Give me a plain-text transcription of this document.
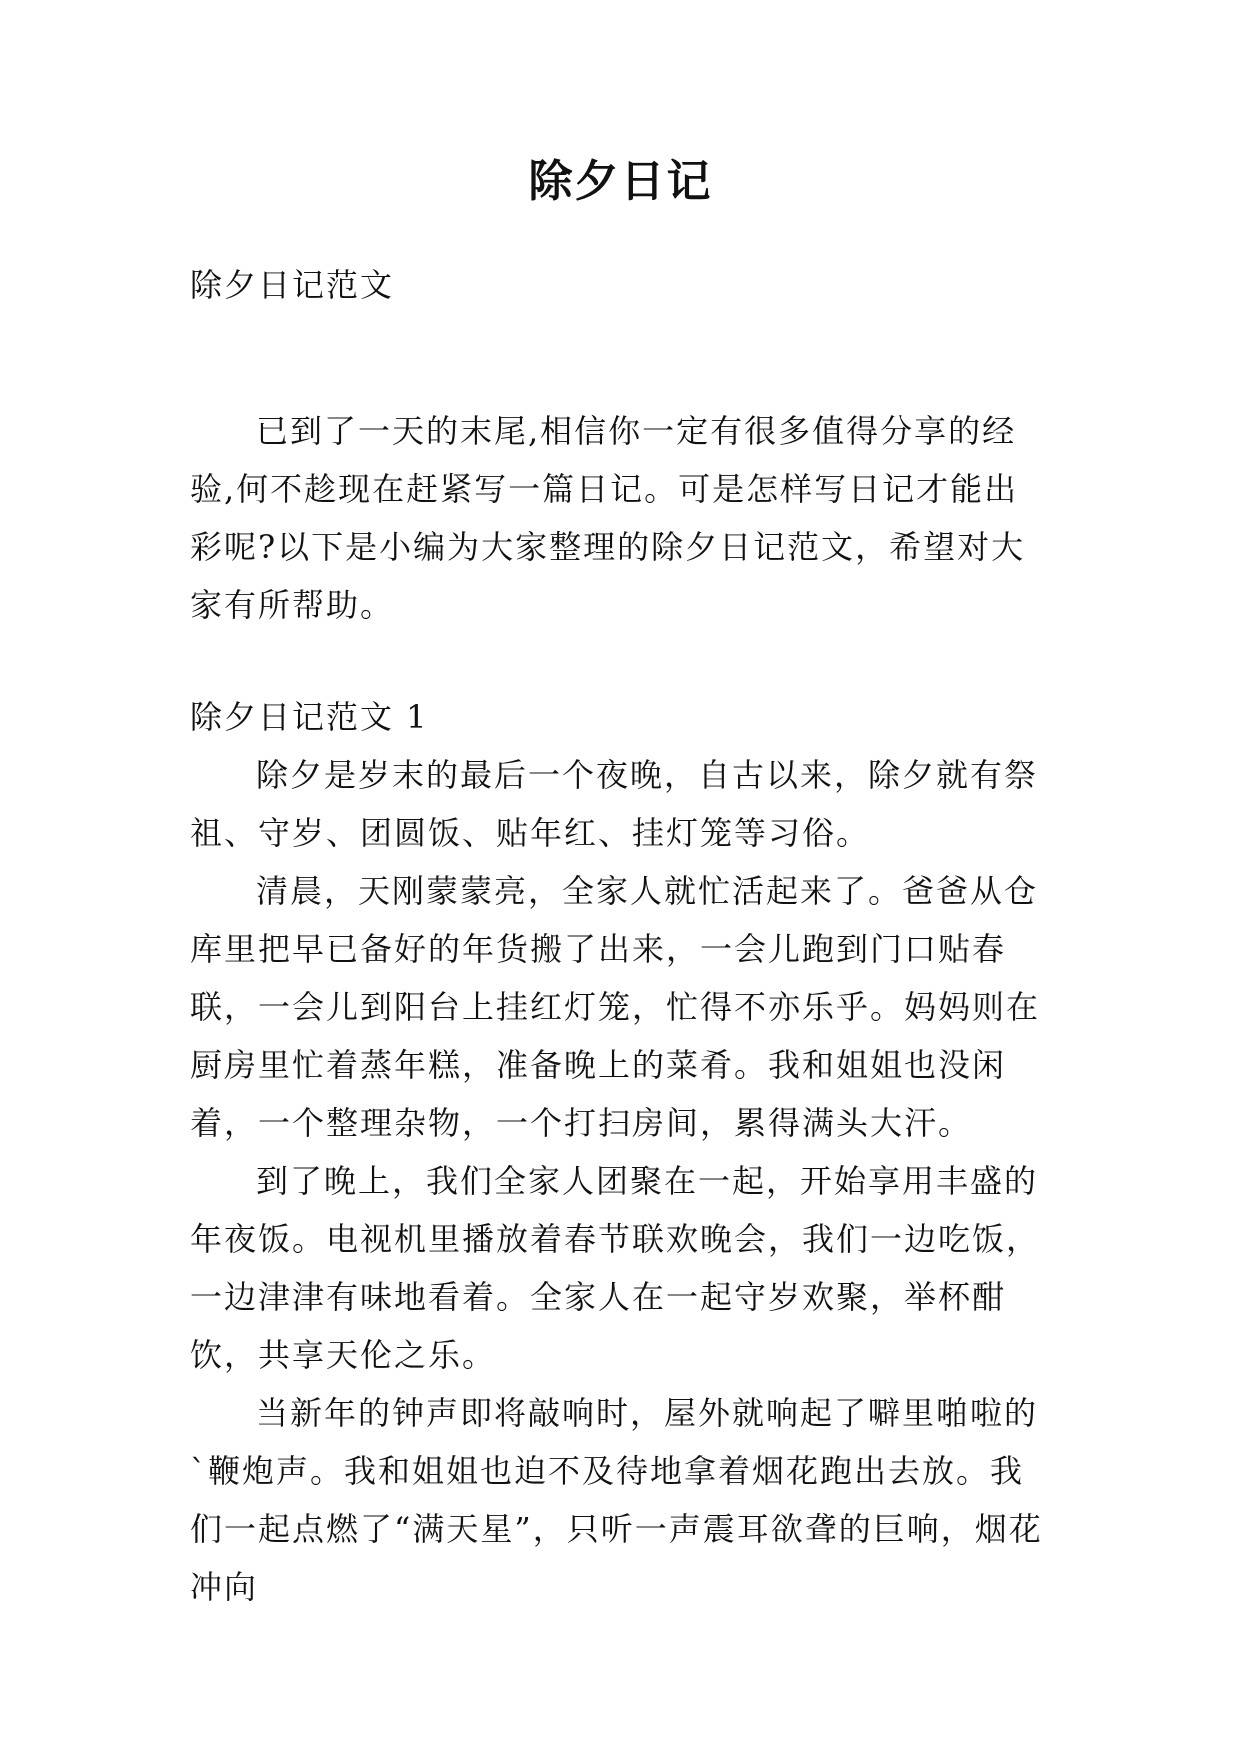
除夕日记
除夕日记范文

已到了一天的末尾,相信你一定有很多值得分享的经验,何不趁现在赶紧写一篇日记。可是怎样写日记才能出彩呢?以下是小编为大家整理的除夕日记范文，希望对大家有所帮助。

除夕日记范文 1

除夕是岁末的最后一个夜晚，自古以来，除夕就有祭祖、守岁、团圆饭、贴年红、挂灯笼等习俗。

清晨，天刚蒙蒙亮，全家人就忙活起来了。爸爸从仓库里把早已备好的年货搬了出来，一会儿跑到门口贴春联，一会儿到阳台上挂红灯笼，忙得不亦乐乎。妈妈则在厨房里忙着蒸年糕，准备晚上的菜肴。我和姐姐也没闲着，一个整理杂物，一个打扫房间，累得满头大汗。

到了晚上，我们全家人团聚在一起，开始享用丰盛的年夜饭。电视机里播放着春节联欢晚会，我们一边吃饭，一边津津有味地看着。全家人在一起守岁欢聚，举杯酣饮，共享天伦之乐。

当新年的钟声即将敲响时，屋外就响起了噼里啪啦的`鞭炮声。我和姐姐也迫不及待地拿着烟花跑出去放。我们一起点燃了“满天星”，只听一声震耳欲聋的巨响，烟花冲向
